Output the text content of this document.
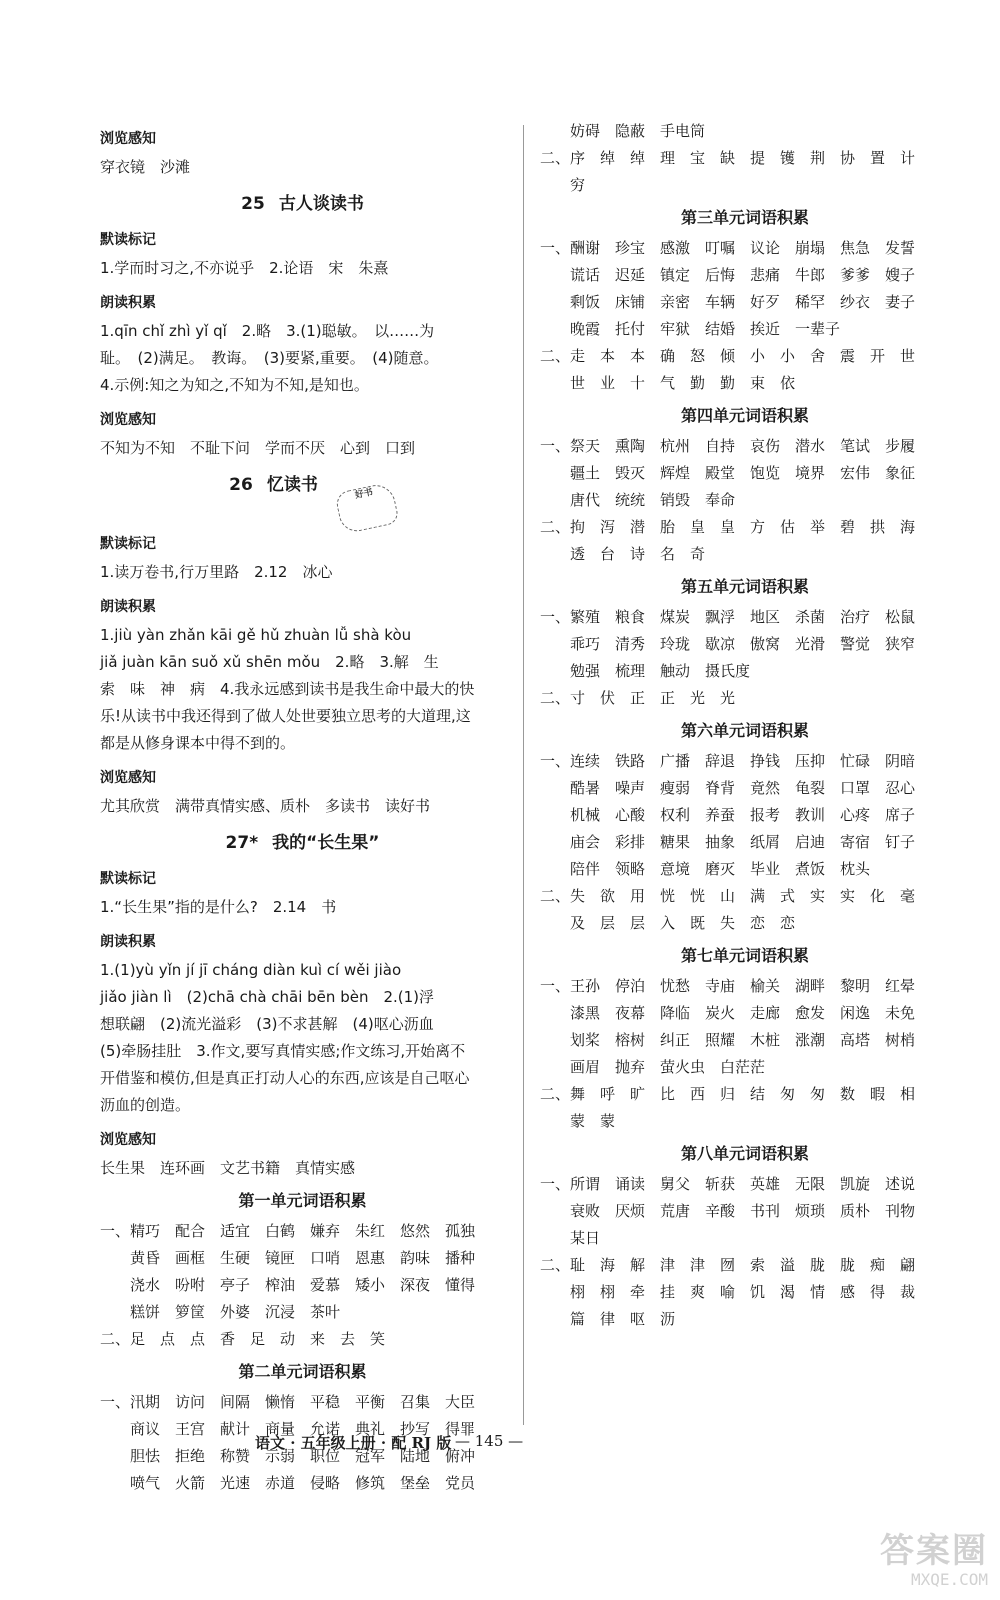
浏览感知
穿衣镜　沙滩
25 古人谈读书
默读标记
1.学而时习之,不亦说乎　2.论语　宋　朱熹
朗读积累
1.qīn chǐ zhì yǐ qǐ　2.略　3.(1)聪敏。　以……为
耻。　(2)满足。　教诲。　(3)要紧,重要。　(4)随意。
4.示例:知之为知之,不知为不知,是知也。
浏览感知
不知为不知　不耻下问　学而不厌　心到　口到
26 忆读书	好书
默读标记
1.读万卷书,行万里路　2.12　冰心
朗读积累
1.jiù yàn zhǎn kāi gě hǔ zhuàn lǚ shà kòu
jiǎ juàn kān suǒ xǔ shēn mǒu　2.略　3.解　生
索　味　神　病　4.我永远感到读书是我生命中最大的快
乐!从读书中我还得到了做人处世要独立思考的大道理,这
都是从修身课本中得不到的。
浏览感知
尤其欣赏　满带真情实感、质朴　多读书　读好书
27* 我的“长生果”
默读标记
1.“长生果”指的是什么?　2.14　书
朗读积累
1.(1)yù yǐn jí jī cháng diàn kuì cí wěi jiào
jiǎo jiàn lì　(2)chā chà chāi bēn bèn　2.(1)浮
想联翩　(2)流光溢彩　(3)不求甚解　(4)呕心沥血
(5)牵肠挂肚　3.作文,要写真情实感;作文练习,开始离不
开借鉴和模仿,但是真正打动人心的东西,应该是自己呕心
沥血的创造。
浏览感知
长生果　连环画　文艺书籍　真情实感
第一单元词语积累
一、精巧　配合　适宜　白鹤　嫌弃　朱红　悠然　孤独
　　黄昏　画框　生硬　镜匣　口哨　恩惠　韵味　播种
　　浇水　吩咐　亭子　榨油　爱慕　矮小　深夜　懂得
　　糕饼　箩筐　外婆　沉浸　茶叶
二、足　点　点　香　足　动　来　去　笑
第二单元词语积累
一、汛期　访问　间隔　懒惰　平稳　平衡　召集　大臣
　　商议　王宫　献计　商量　允诺　典礼　抄写　得罪
　　胆怯　拒绝　称赞　示弱　职位　冠军　陆地　俯冲
　　喷气　火箭　光速　赤道　侵略　修筑　堡垒　党员
　　妨碍　隐蔽　手电筒
二、序　绰　绰　理　宝　缺　提　镬　荆　协　置　计
　　穷
第三单元词语积累
一、酬谢　珍宝　感激　叮嘱　议论　崩塌　焦急　发誓
　　谎话　迟延　镇定　后悔　悲痛　牛郎　爹爹　嫂子
　　剩饭　床铺　亲密　车辆　好歹　稀罕　纱衣　妻子
　　晚霞　托付　牢狱　结婚　挨近　一辈子
二、走　本　本　确　怒　倾　小　小　舍　震　开　世
　　世　业　十　气　勤　勤　束　依
第四单元词语积累
一、祭天　熏陶　杭州　自持　哀伤　潜水　笔试　步履
　　疆土　毁灭　辉煌　殿堂　饱览　境界　宏伟　象征
　　唐代　统统　销毁　奉命
二、拘　泻　潜　胎　皇　皇　方　估　举　碧　拱　海
　　透　台　诗　名　奇
第五单元词语积累
一、繁殖　粮食　煤炭　飘浮　地区　杀菌　治疗　松鼠
　　乖巧　清秀　玲珑　歇凉　傲窝　光滑　警觉　狭窄
　　勉强　梳理　触动　摄氏度
二、寸　伏　正　正　光　光
第六单元词语积累
一、连续　铁路　广播　辞退　挣钱　压抑　忙碌　阴暗
　　酷暑　噪声　瘦弱　脊背　竟然　龟裂　口罩　忍心
　　机械　心酸　权利　养蚕　报考　教训　心疼　席子
　　庙会　彩排　糖果　抽象　纸屑　启迪　寄宿　钉子
　　陪伴　领略　意境　磨灭　毕业　煮饭　枕头
二、失　欲　用　恍　恍　山　满　式　实　实　化　毫
　　及　层　层　入　既　失　恋　恋
第七单元词语积累
一、王孙　停泊　忧愁　寺庙　榆关　湖畔　黎明　红晕
　　漆黑　夜幕　降临　炭火　走廊　愈发　闲逸　未免
　　划桨　榕树　纠正　照耀　木桩　涨潮　高塔　树梢
　　画眉　抛弃　萤火虫　白茫茫
二、舞　呼　旷　比　西　归　结　匆　匆　数　暇　相
　　蒙　蒙
第八单元词语积累
一、所谓　诵读　舅父　斩获　英雄　无限　凯旋　述说
　　衰败　厌烦　荒唐　辛酸　书刊　烦琐　质朴　刊物
　　某日
二、耻　海　解　津　津　囫　索　溢　胧　胧　痴　翩
　　栩　栩　牵　挂　爽　喻　饥　渴　情　感　得　裁
　　篇　律　呕　沥
语文 · 五年级上册 · 配 RJ 版 — 145 —
答案圈
MXQE.COM
